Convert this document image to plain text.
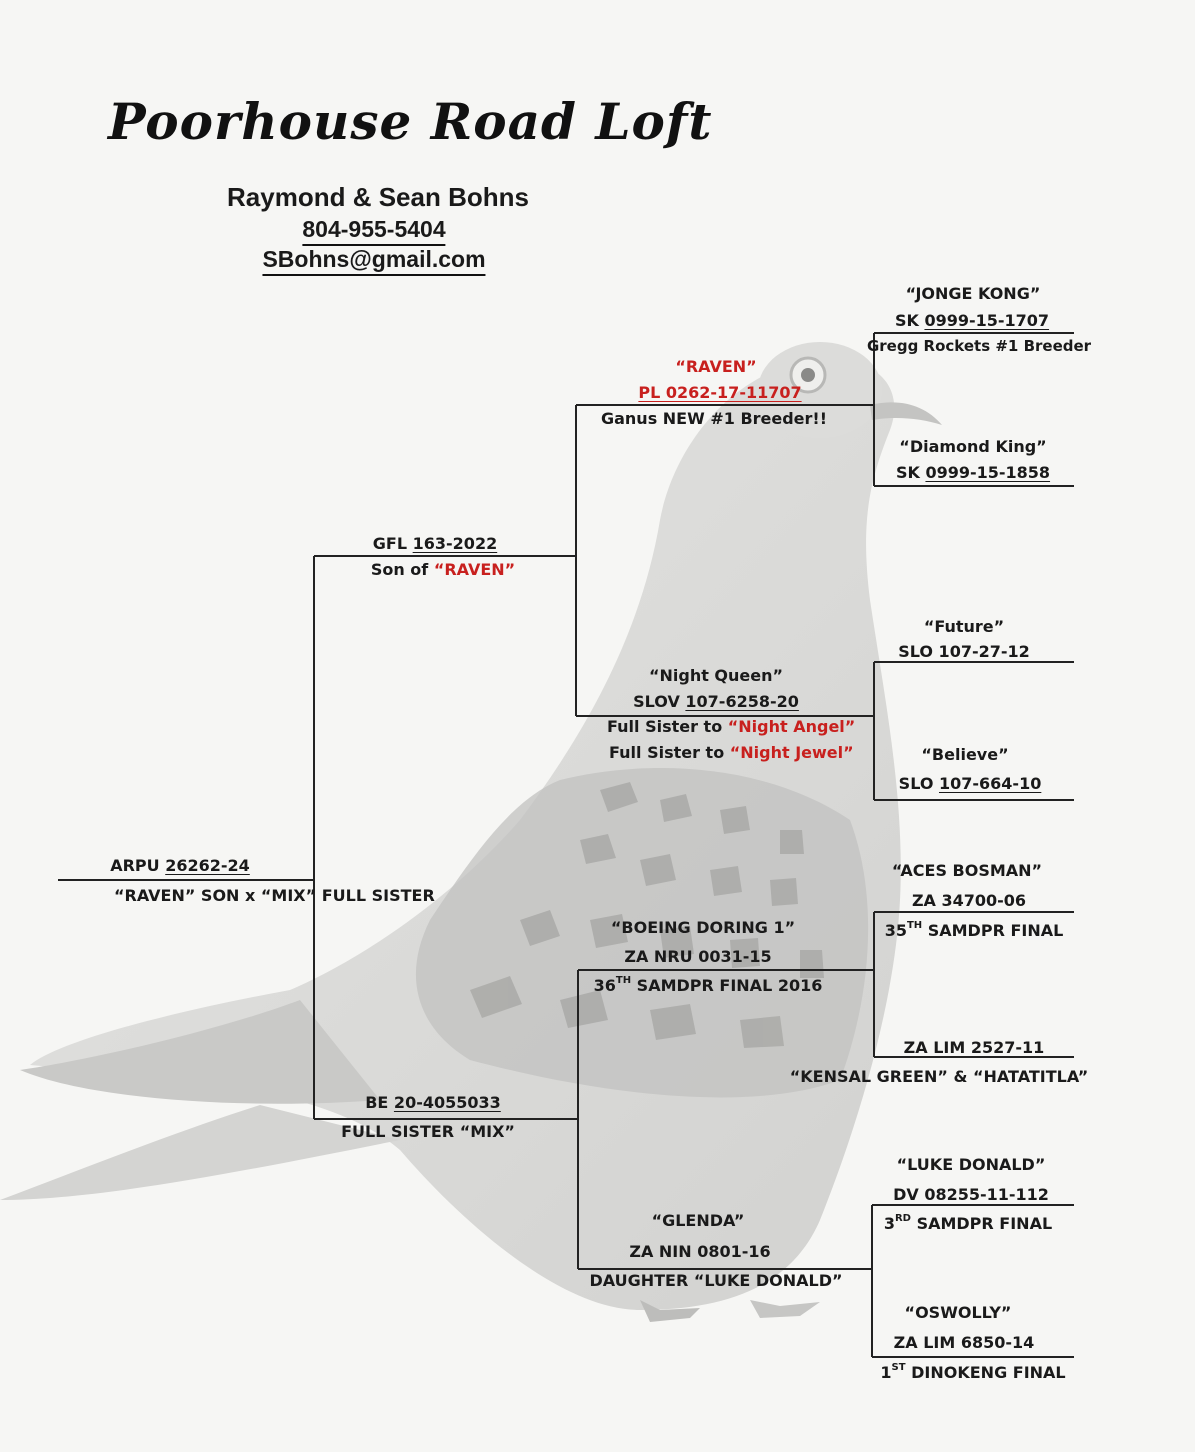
Poorhouse Road Loft
Raymond & Sean Bohns
804-955-5404
SBohns@gmail.com
ARPU 26262-24
“RAVEN” SON x “MIX” FULL SISTER
GFL 163-2022
Son of “RAVEN”
BE 20-4055033
FULL SISTER “MIX”
“RAVEN”
PL 0262-17-11707
Ganus NEW #1 Breeder!!
“Night Queen”
SLOV 107-6258-20
Full Sister to “Night Angel”
Full Sister to “Night Jewel”
“BOEING DORING 1”
ZA NRU 0031-15
36TH SAMDPR FINAL 2016
“GLENDA”
ZA NIN 0801-16
DAUGHTER “LUKE DONALD”
“JONGE KONG”
SK 0999-15-1707
Gregg Rockets #1 Breeder
“Diamond King”
SK 0999-15-1858
“Future”
SLO 107-27-12
“Believe”
SLO 107-664-10
“ACES BOSMAN”
ZA 34700-06
35TH SAMDPR FINAL
ZA LIM 2527-11
“KENSAL GREEN” & “HATATITLA”
“LUKE DONALD”
DV 08255-11-112
3RD SAMDPR FINAL
“OSWOLLY”
ZA LIM 6850-14
1ST DINOKENG FINAL
